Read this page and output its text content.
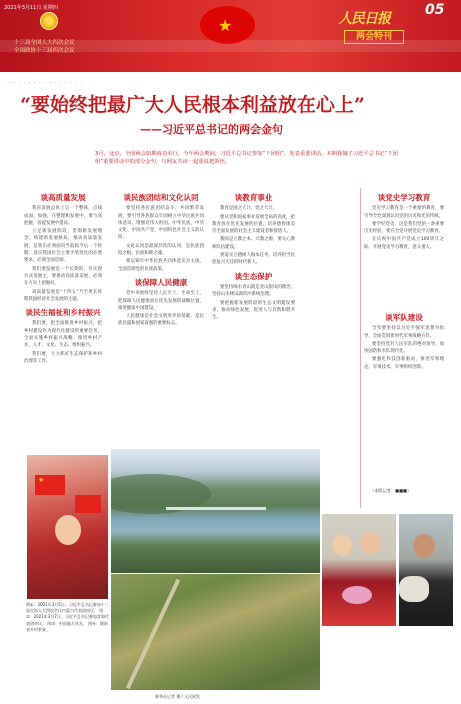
2021年3月11日 星期四
十三届全国人大四次会议
全国政协十三届四次会议
★	人民日报
两会特刊
05
· · · · · · · · · · · · · · ·
“要始终把最广大人民根本利益放在心上”
——习近平总书记的两会金句
3月，北京。全国两会如期成功举行。今年两会期间，习近平总书记参加“下团组”，发表重要讲话。本期我摘了习近平总书记“下团组”重要讲话中的部分金句，与网友共读一起重温把领悟。
谈高质量发展

我省发展总体上呈一个整体，点线成面，加强，在整理和发展中，要力高把握，省提发展中提高。

立足新发展阶段，贯彻新发展理念，构建新发展格局，推动高质量发展，是我们必须面向当前和今后一个时期，适应我国社会主要矛盾变化的必然要求，必须全面贯彻。

我们要发展是一个长期的，有实现方式发展主，要推动高质量发展，必须在方向上把握好。

高质量发展是“十四五”乃至更长时期我国经济社会发展的主题。

谈民生福祉和乡村振兴

我们要，把全面推进乡村振兴，把乡村建设作为现代化建设的重要任务，全面实施乡村振兴战略，推进乡村产业、人才、文化、生态、组织振兴。

我们要，大力抓好生态保护和乡村治理等工作。

谈民族团结和文化认同

要坚持各民族团结奋斗，共同繁荣发展，要引导各族群众牢固树立中华民族共同体意识，增强对伟大祖国、中华民族、中华文化、中国共产党、中国特色社会主义的认同。

文化认同是最深层次的认同，是民族团结之根、民族和睦之魂。

要以铸牢中华民族共同体意识为主线，全面贯彻党的民族政策。

谈保障人民健康

党中央始终坚持人民至上、生命至上，把保障人民健康放在优先发展的战略位置，推进健康中国建设。

人民健康是社会文明进步的基础，是民族昌盛和国家富强的重要标志。

谈教育事业

教育是国之大计、党之大计。

要从党和国家事业发展全局的高度，把教育放在优先发展的位置，培养德智体美劳全面发展的社会主义建设者和接班人。

教师是立教之本、兴教之源，要关心教师队伍建设。

要落实立德树人根本任务，培养担当民族复兴大任的时代新人。

谈生态保护

要坚持绿水青山就是金山银山的理念，坚持山水林田湖草沙系统治理。

要把握新发展阶段的生态文明建设要求，推动绿色发展，促进人与自然和谐共生。

谈党史学习教育

党史学习教育是一个重要的教育，要引导全党深刻认识党的历史和光荣传统。

要学好党史，这是我们党的一条重要历史经验，要在全党开展党史学习教育。

在庆祝中国共产党成立100周年之际，开展党史学习教育，意义重大。

谈军队建设

全军要坚持以习近平强军思想为指导，全面贯彻新时代军事战略方针。

要坚持党对人民军队的绝对领导，加快国防和军队现代化。

要强化科技创新驱动，推进军事理论、军事技术、军事组织创新。

（本版记者：■■■）
★
图①：2021年3月5日，习近平总书记参加十三届全国人大四次会议内蒙古代表团审议。 图②：2021年3月7日，习近平总书记参加青海代表团审议。 图③：中国地方风光。 图④：湖南省乡村景象。
新华社记者 摄 / 人民网发
